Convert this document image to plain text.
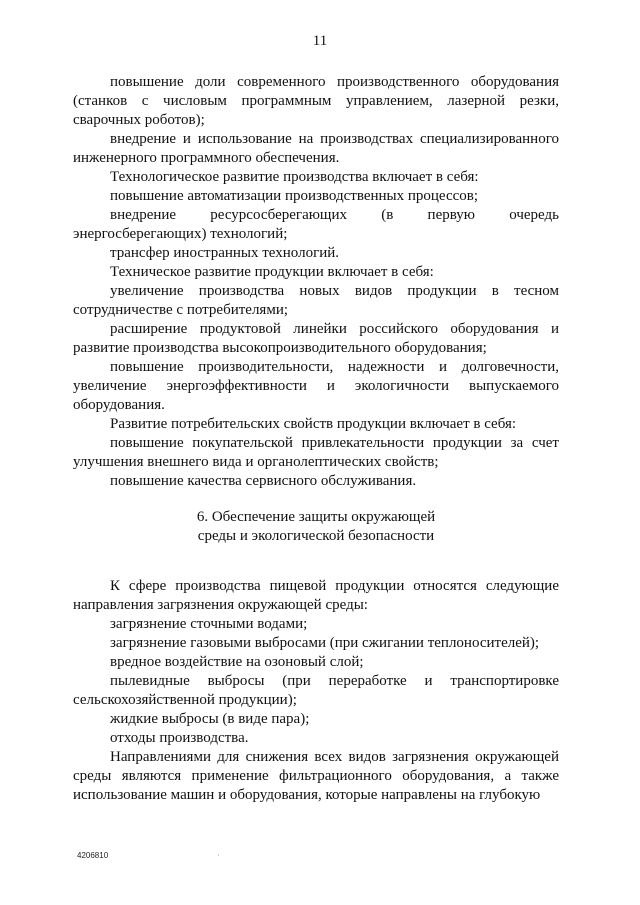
11

повышение доли современного производственного оборудования (станков с числовым программным управлением, лазерной резки, сварочных роботов);

внедрение и использование на производствах специализированного инженерного программного обеспечения.

Технологическое развитие производства включает в себя:

повышение автоматизации производственных процессов;

внедрение ресурсосберегающих (в первую очередь энергосберегающих) технологий;

трансфер иностранных технологий.

Техническое развитие продукции включает в себя:

увеличение производства новых видов продукции в тесном сотрудничестве с потребителями;

расширение продуктовой линейки российского оборудования и развитие производства высокопроизводительного оборудования;

повышение производительности, надежности и долговечности, увеличение энергоэффективности и экологичности выпускаемого оборудования.

Развитие потребительских свойств продукции включает в себя:

повышение покупательской привлекательности продукции за счет улучшения внешнего вида и органолептических свойств;

повышение качества сервисного обслуживания.

6. Обеспечение защиты окружающей
среды и экологической безопасности

К сфере производства пищевой продукции относятся следующие направления загрязнения окружающей среды:

загрязнение сточными водами;

загрязнение газовыми выбросами (при сжигании теплоносителей);

вредное воздействие на озоновый слой;

пылевидные выбросы (при переработке и транспортировке сельскохозяйственной продукции);

жидкие выбросы (в виде пара);

отходы производства.

Направлениями для снижения всех видов загрязнения окружающей среды являются применение фильтрационного оборудования, а также использование машин и оборудования, которые направлены на глубокую

4206810	·
